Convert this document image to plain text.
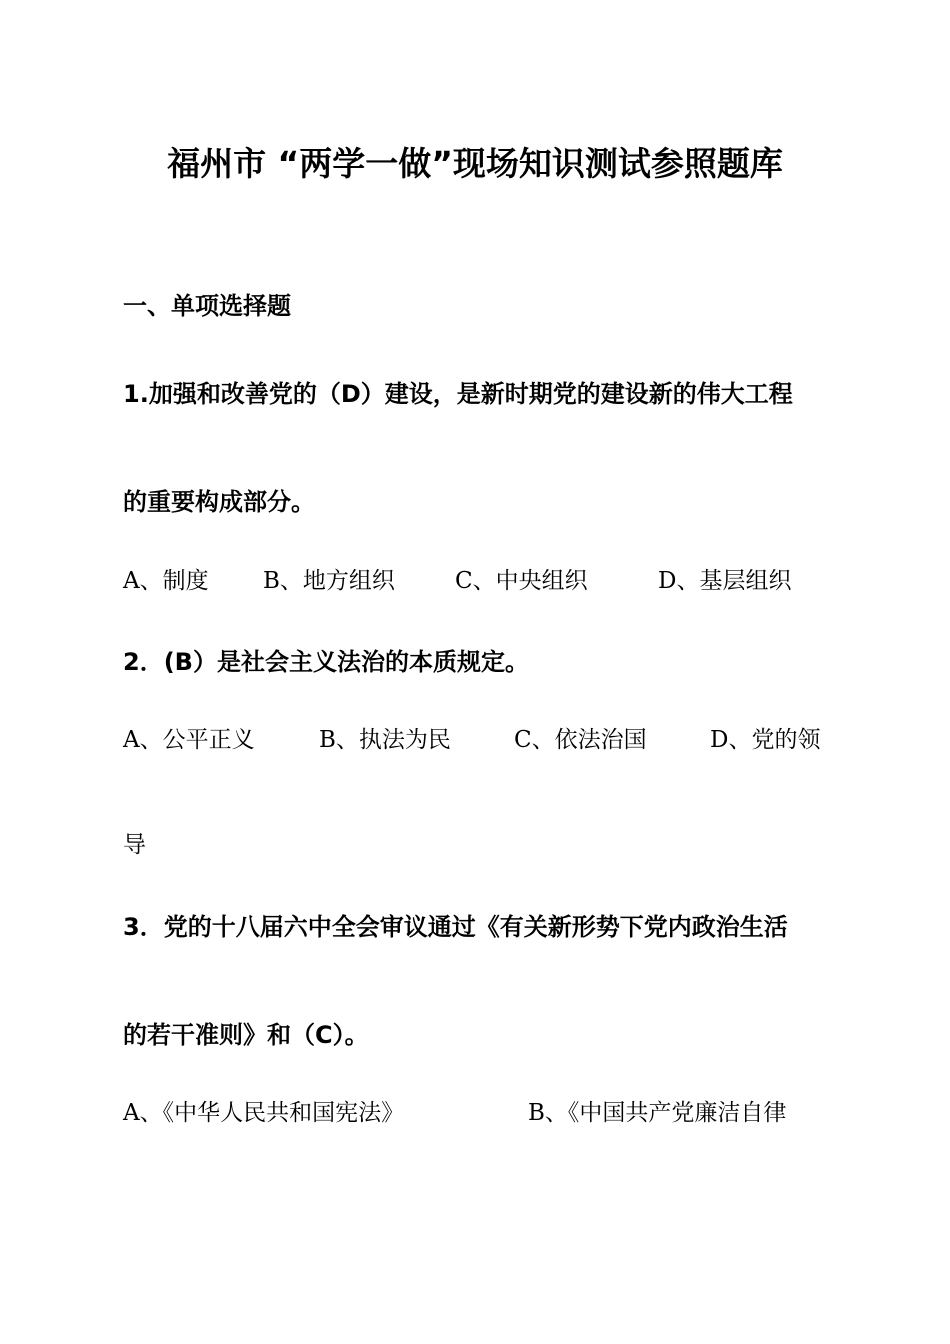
福州市 “两学一做”现场知识测试参照题库
一、单项选择题
1.加强和改善党的（D）建设，是新时期党的建设新的伟大工程
的重要构成部分。
A、制度 B、地方组织	C、中央组织	D、基层组织
2．(B）是社会主义法治的本质规定。
A、公平正义	B、执法为民	C、依法治国	D、党的领
导
3．党的十八届六中全会审议通过《有关新形势下党内政治生活
的若干准则》和（C）。
A、《中华人民共和国宪法》	B、《中国共产党廉洁自律
